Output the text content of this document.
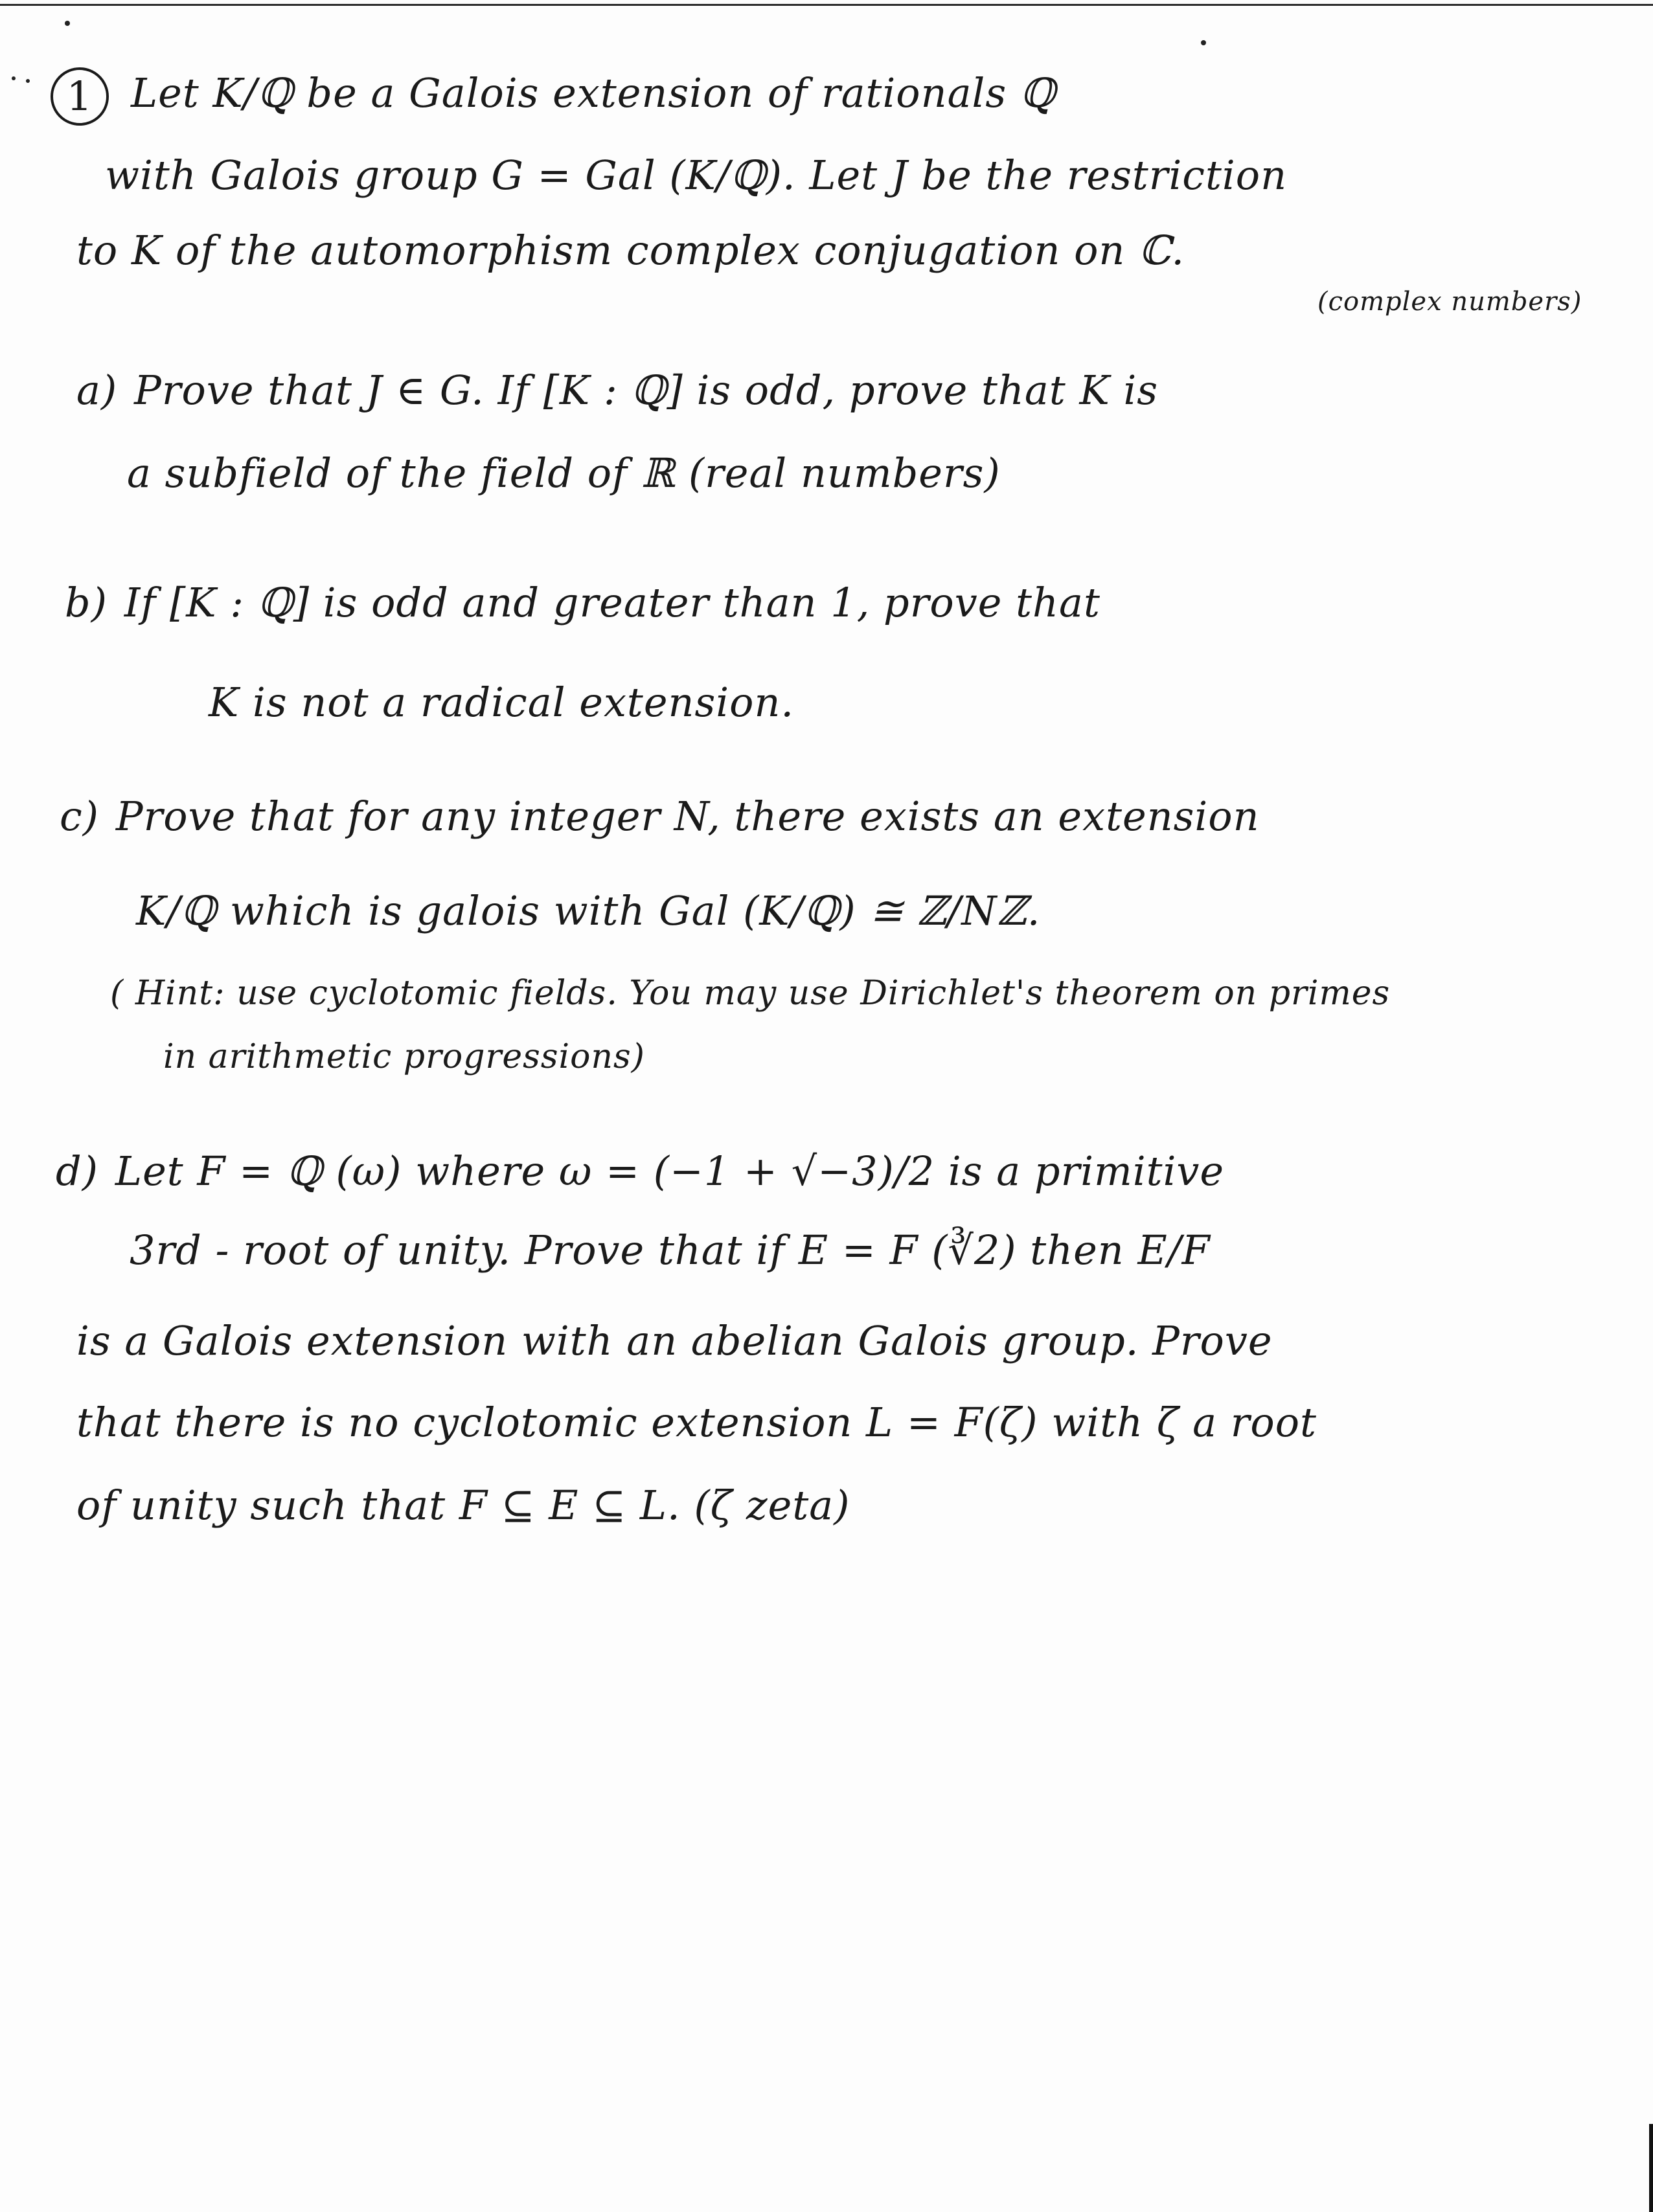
1 Let K/ℚ be a Galois extension of rationals ℚ
with Galois group G = Gal (K/ℚ). Let J be the restriction
to K of the automorphism complex conjugation on ℂ.
(complex numbers)
a) Prove that J ∈ G. If [K : ℚ] is odd, prove that K is
a subfield of the field of ℝ (real numbers)
b) If [K : ℚ] is odd and greater than 1, prove that
K is not a radical extension.
c) Prove that for any integer N, there exists an extension
K/ℚ which is galois with Gal (K/ℚ) ≅ ℤ/Nℤ.
( Hint: use cyclotomic fields. You may use Dirichlet's theorem on primes
in arithmetic progressions)
d) Let F = ℚ (ω) where ω = (−1 + √−3)/2 is a primitive
3rd - root of unity. Prove that if E = F (∛2) then E/F
is a Galois extension with an abelian Galois group. Prove
that there is no cyclotomic extension L = F(ζ) with ζ a root
of unity such that F ⊆ E ⊆ L. (ζ zeta)
